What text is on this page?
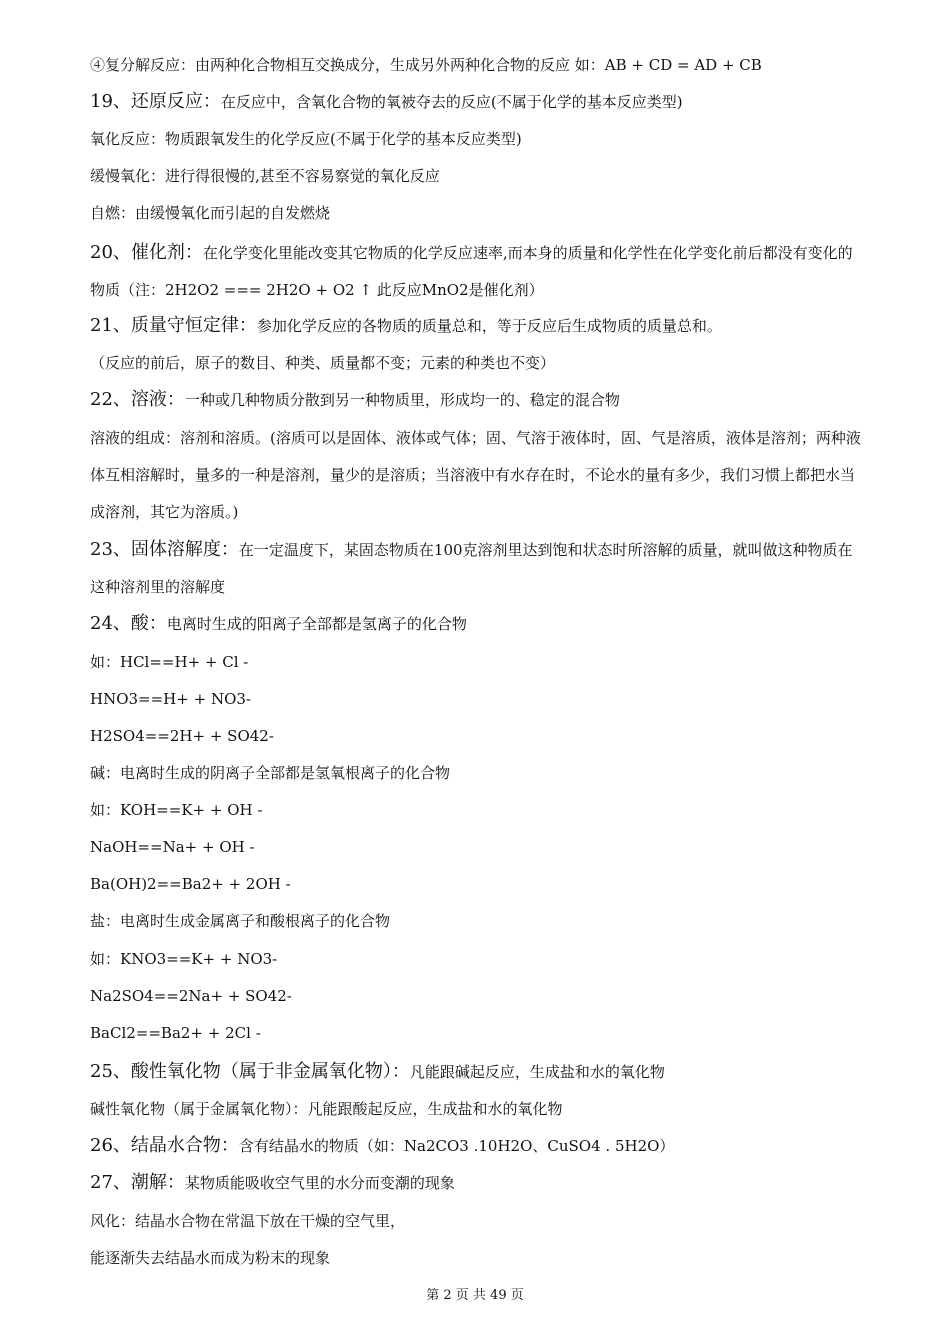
④复分解反应：由两种化合物相互交换成分，生成另外两种化合物的反应 如：AB + CD = AD + CB
19、还原反应：在反应中，含氧化合物的氧被夺去的反应(不属于化学的基本反应类型)
氧化反应：物质跟氧发生的化学反应(不属于化学的基本反应类型)
缓慢氧化：进行得很慢的,甚至不容易察觉的氧化反应
自燃：由缓慢氧化而引起的自发燃烧
20、催化剂：在化学变化里能改变其它物质的化学反应速率,而本身的质量和化学性在化学变化前后都没有变化的物质（注：2H2O2 === 2H2O + O2 ↑ 此反应MnO2是催化剂）
21、质量守恒定律：参加化学反应的各物质的质量总和，等于反应后生成物质的质量总和。
（反应的前后，原子的数目、种类、质量都不变；元素的种类也不变）
22、溶液：一种或几种物质分散到另一种物质里，形成均一的、稳定的混合物
溶液的组成：溶剂和溶质。(溶质可以是固体、液体或气体；固、气溶于液体时，固、气是溶质，液体是溶剂；两种液体互相溶解时，量多的一种是溶剂，量少的是溶质；当溶液中有水存在时，不论水的量有多少，我们习惯上都把水当成溶剂，其它为溶质。)
23、固体溶解度：在一定温度下，某固态物质在100克溶剂里达到饱和状态时所溶解的质量，就叫做这种物质在这种溶剂里的溶解度
24、酸：电离时生成的阳离子全部都是氢离子的化合物
如：HCl==H+ + Cl -
HNO3==H+ + NO3-
H2SO4==2H+ + SO42-
碱：电离时生成的阴离子全部都是氢氧根离子的化合物
如：KOH==K+ + OH -
NaOH==Na+ + OH -
Ba(OH)2==Ba2+ + 2OH -
盐：电离时生成金属离子和酸根离子的化合物
如：KNO3==K+ + NO3-
Na2SO4==2Na+ + SO42-
BaCl2==Ba2+ + 2Cl -
25、酸性氧化物（属于非金属氧化物）：凡能跟碱起反应，生成盐和水的氧化物
碱性氧化物（属于金属氧化物）：凡能跟酸起反应，生成盐和水的氧化物
26、结晶水合物：含有结晶水的物质（如：Na2CO3 .10H2O、CuSO4 . 5H2O）
27、潮解：某物质能吸收空气里的水分而变潮的现象
风化：结晶水合物在常温下放在干燥的空气里，
能逐渐失去结晶水而成为粉末的现象
第 2 页 共 49 页
